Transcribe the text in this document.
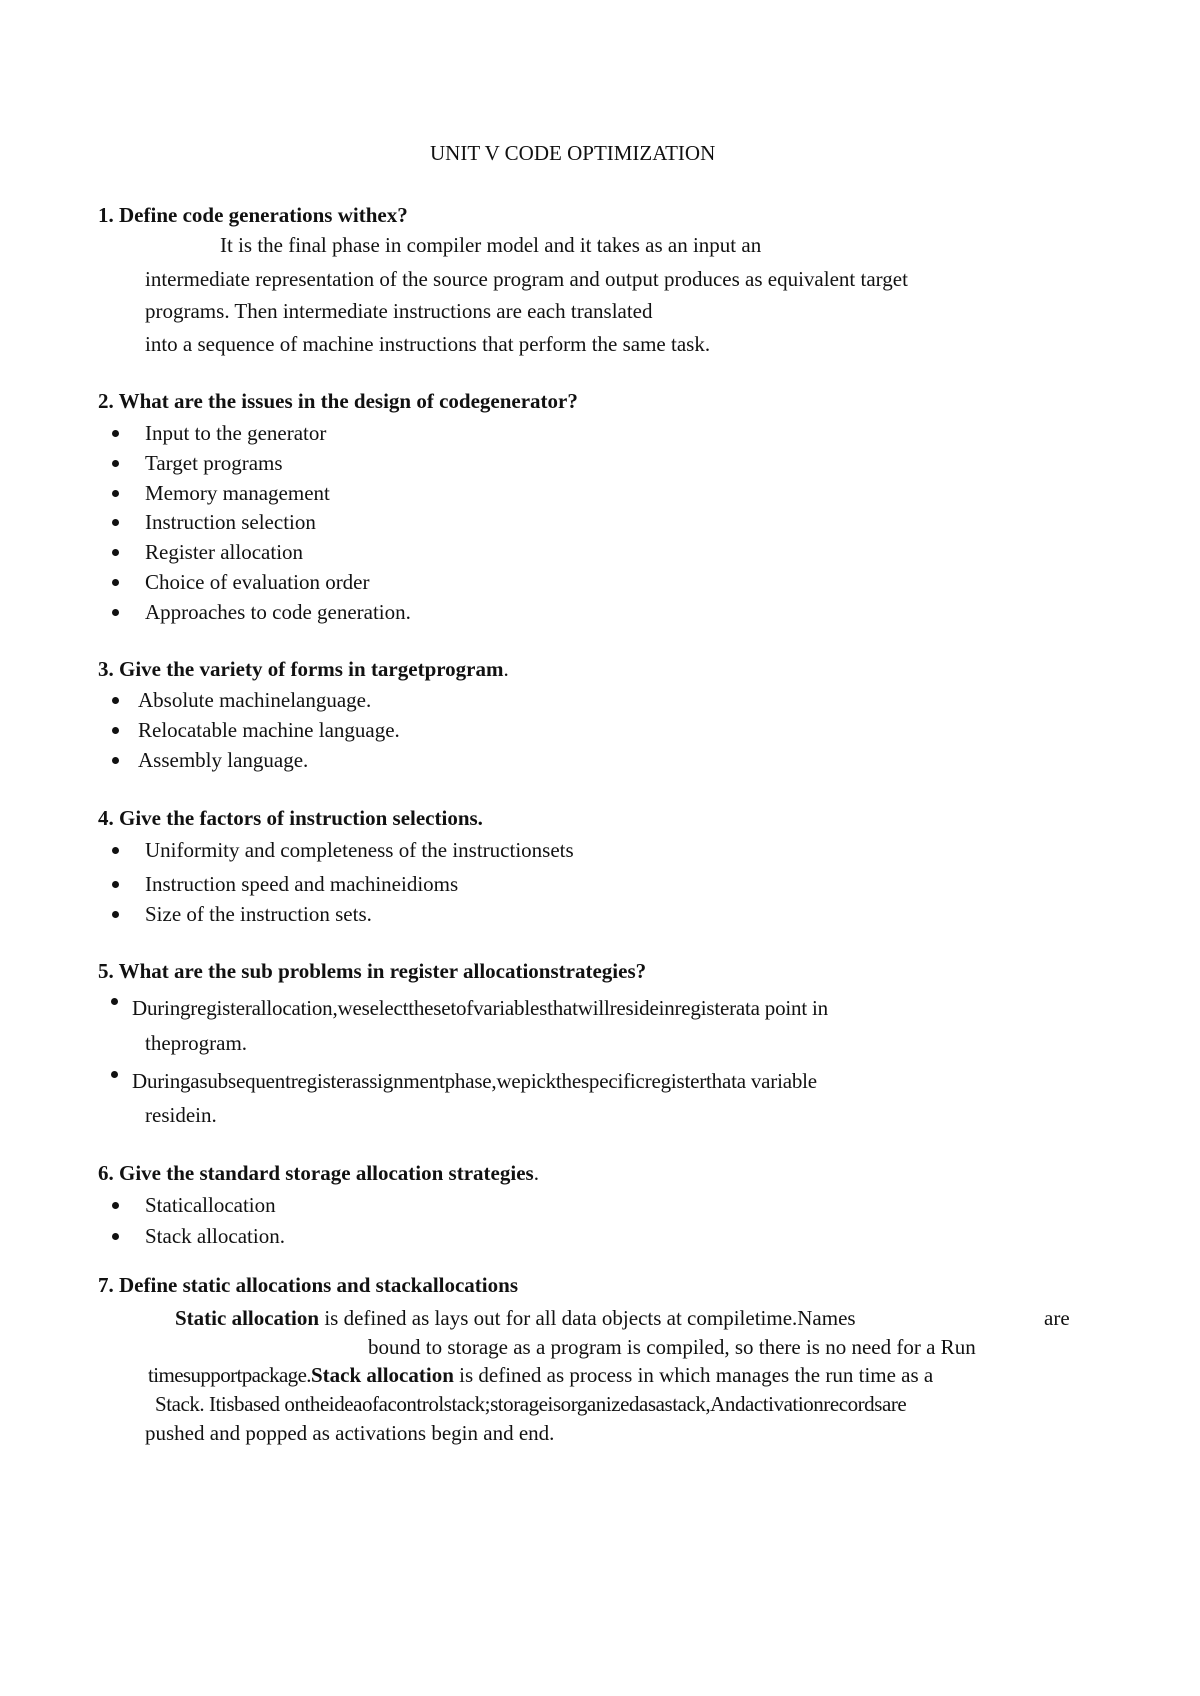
UNIT V CODE OPTIMIZATION
1. Define code generations withex?
It is the final phase in compiler model and it takes as an input an
intermediate representation of the source program and output produces as equivalent target
programs. Then intermediate instructions are each translated
into a sequence of machine instructions that perform the same task.
2. What are the issues in the design of codegenerator?
Input to the generator
Target programs
Memory management
Instruction selection
Register allocation
Choice of evaluation order
Approaches to code generation.
3. Give the variety of forms in targetprogram.
Absolute machinelanguage.
Relocatable machine language.
Assembly language.
4. Give the factors of instruction selections.
Uniformity and completeness of the instructionsets
Instruction speed and machineidioms
Size of the instruction sets.
5. What are the sub problems in register allocationstrategies?
Duringregisterallocation,weselectthesetofvariablesthatwillresideinregisterata point in
theprogram.
Duringasubsequentregisterassignmentphase,wepickthespecificregisterthata variable
residein.
6. Give the standard storage allocation strategies.
Staticallocation
Stack allocation.
7. Define static allocations and stackallocations
Static allocation is defined as lays out for all data objects at compiletime.Names	are
bound to storage as a program is compiled, so there is no need for a Run
timesupportpackage.Stack allocation is defined as process in which manages the run time as a
Stack. Itisbased ontheideaofacontrolstack;storageisorganizedasastack,Andactivationrecordsare
pushed and popped as activations begin and end.
